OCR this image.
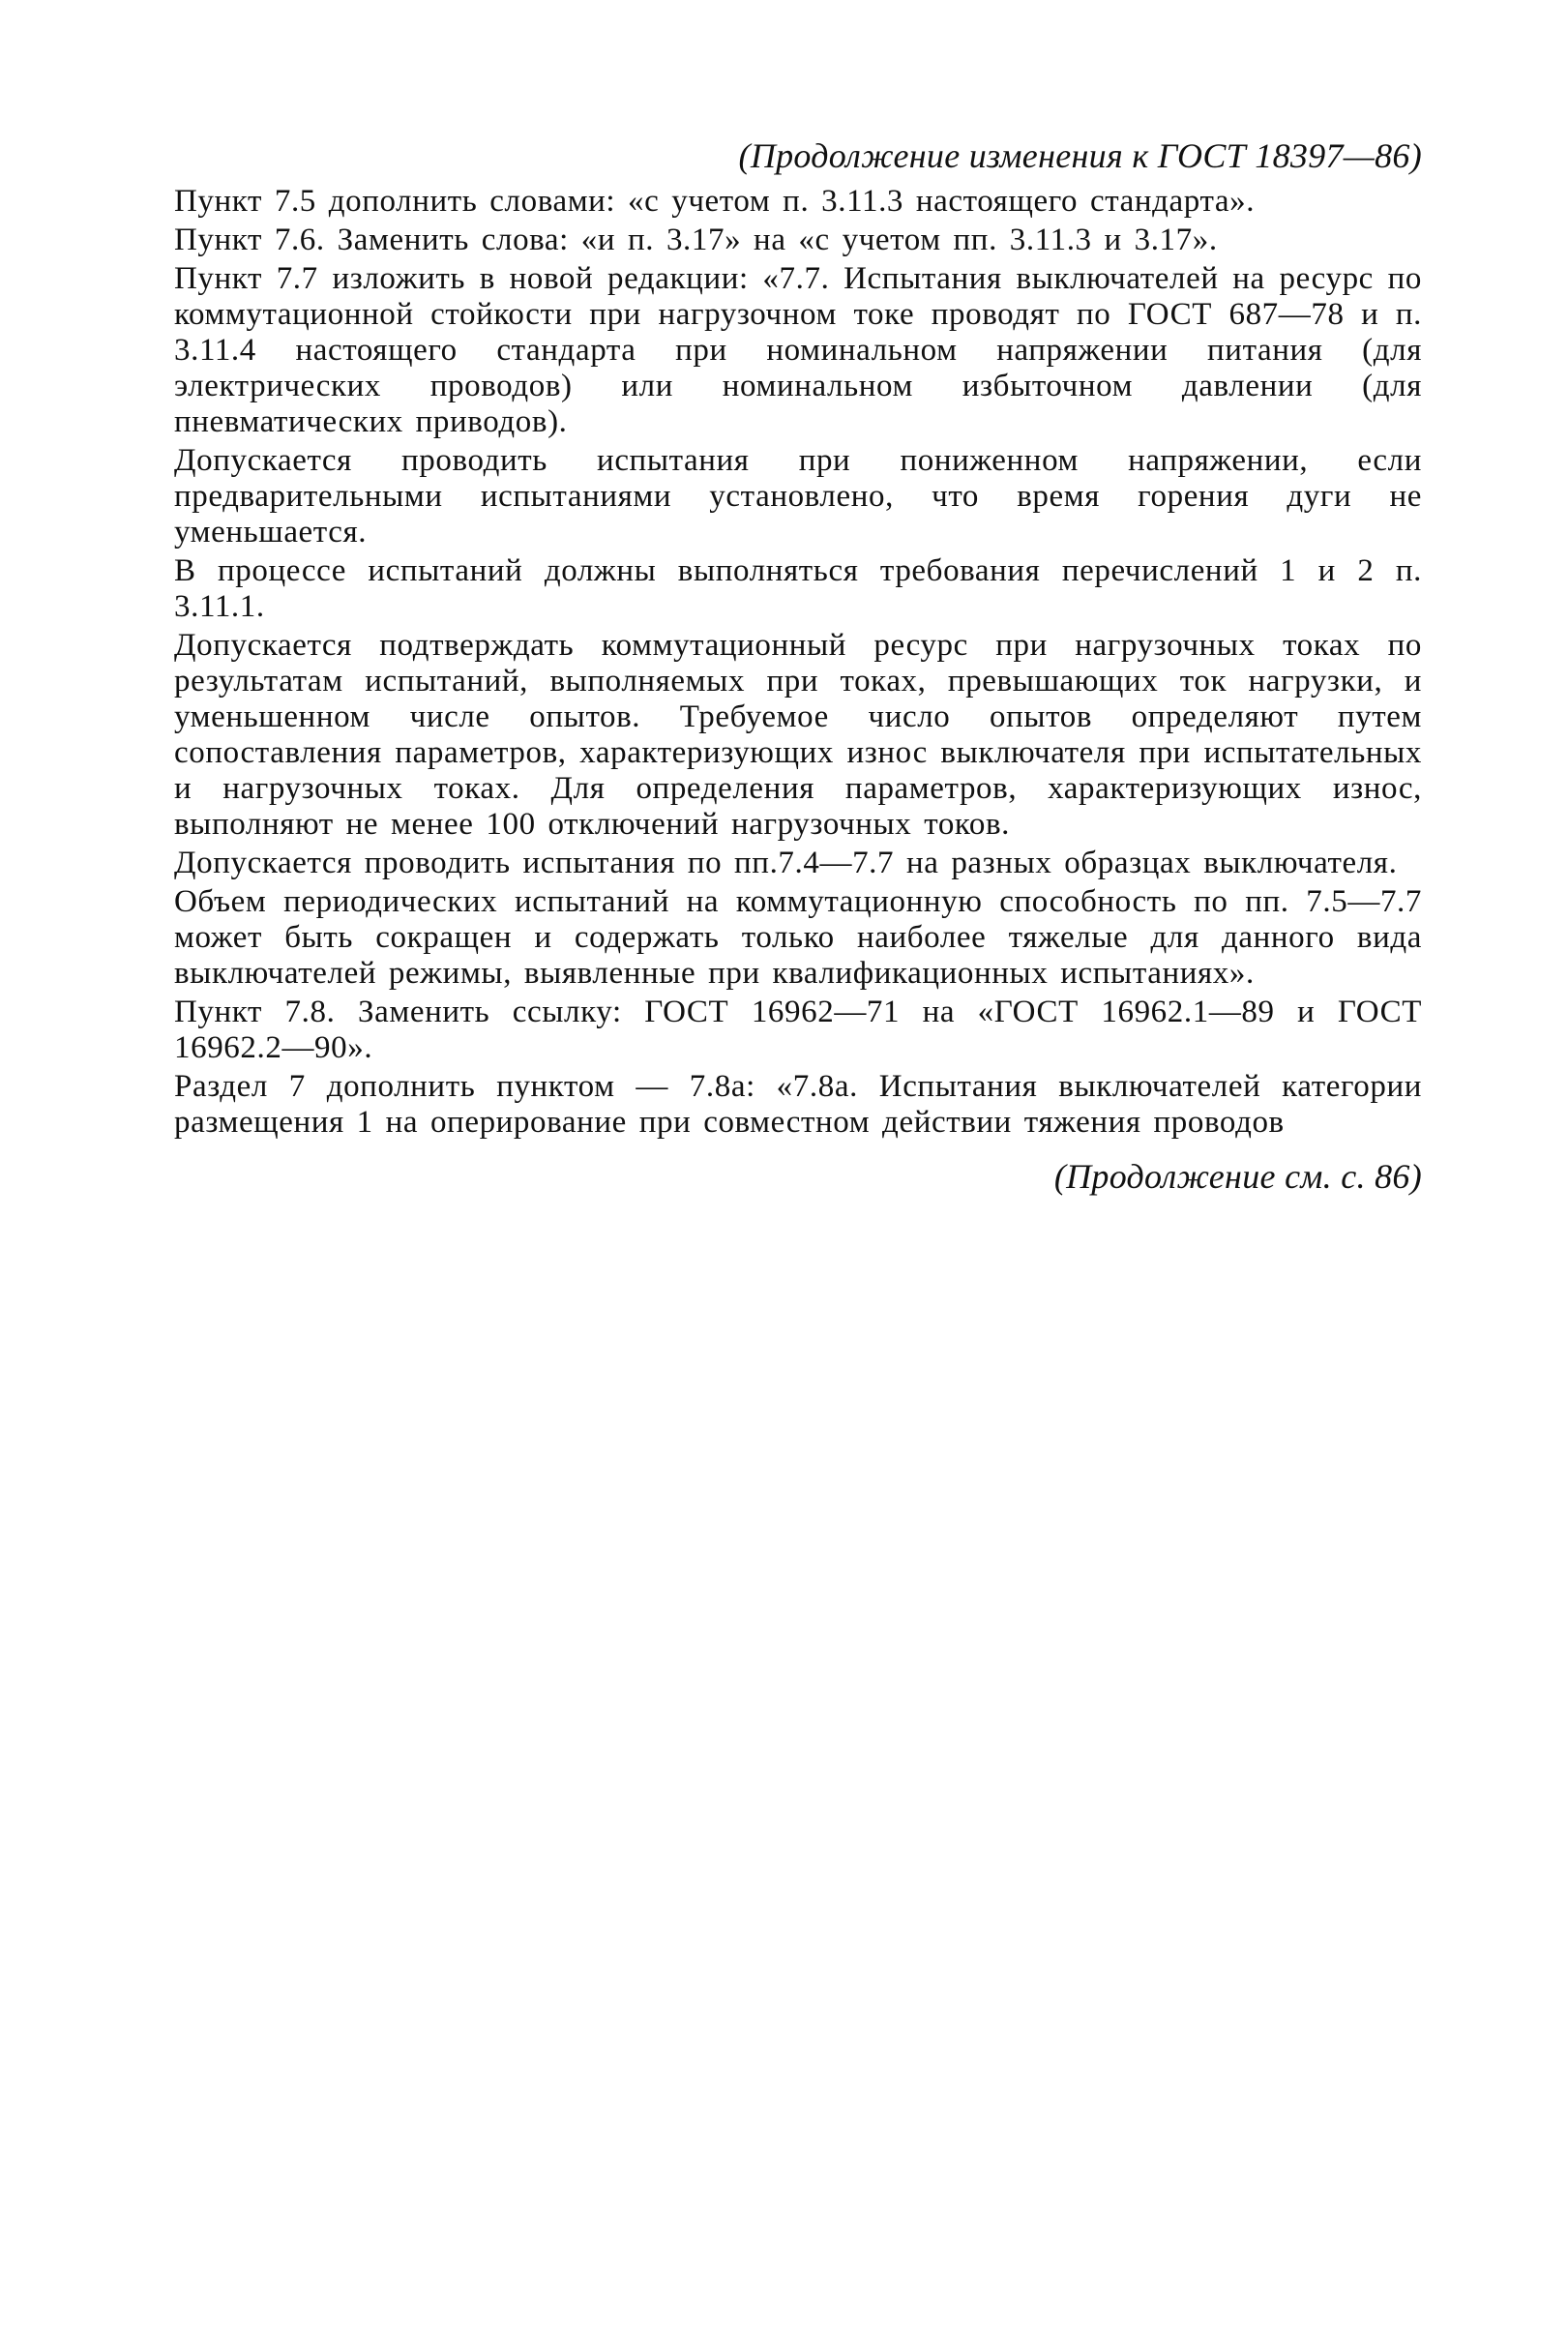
(Продолжение изменения к ГОСТ 18397—86)

Пункт 7.5 дополнить словами: «с учетом п. 3.11.3 настоящего стандарта».

Пункт 7.6. Заменить слова: «и п. 3.17» на «с учетом пп. 3.11.3 и 3.17».

Пункт 7.7 изложить в новой редакции: «7.7. Испытания выключателей на ресурс по коммутационной стойкости при нагрузочном токе проводят по ГОСТ 687—78 и п. 3.11.4 настоящего стандарта при номинальном напряжении питания (для электрических проводов) или номинальном избыточном давлении (для пневматических приводов).

Допускается проводить испытания при пониженном напряжении, если предварительными испытаниями установлено, что время горения дуги не уменьшается.

В процессе испытаний должны выполняться требования перечислений 1 и 2 п. 3.11.1.

Допускается подтверждать коммутационный ресурс при нагрузочных токах по результатам испытаний, выполняемых при токах, превышающих ток нагрузки, и уменьшенном числе опытов. Требуемое число опытов определяют путем сопоставления параметров, характеризующих износ выключателя при испытательных и нагрузочных токах. Для определения параметров, характеризующих износ, выполняют не менее 100 отключений нагрузочных токов.

Допускается проводить испытания по пп.7.4—7.7 на разных образцах выключателя.

Объем периодических испытаний на коммутационную способность по пп. 7.5—7.7 может быть сокращен и содержать только наиболее тяжелые для данного вида выключателей режимы, выявленные при квалификационных испытаниях».

Пункт 7.8. Заменить ссылку: ГОСТ 16962—71 на «ГОСТ 16962.1—89 и ГОСТ 16962.2—90».

Раздел 7 дополнить пунктом — 7.8а: «7.8а. Испытания выключателей категории размещения 1 на оперирование при совместном действии тяжения проводов

(Продолжение см. с. 86)
